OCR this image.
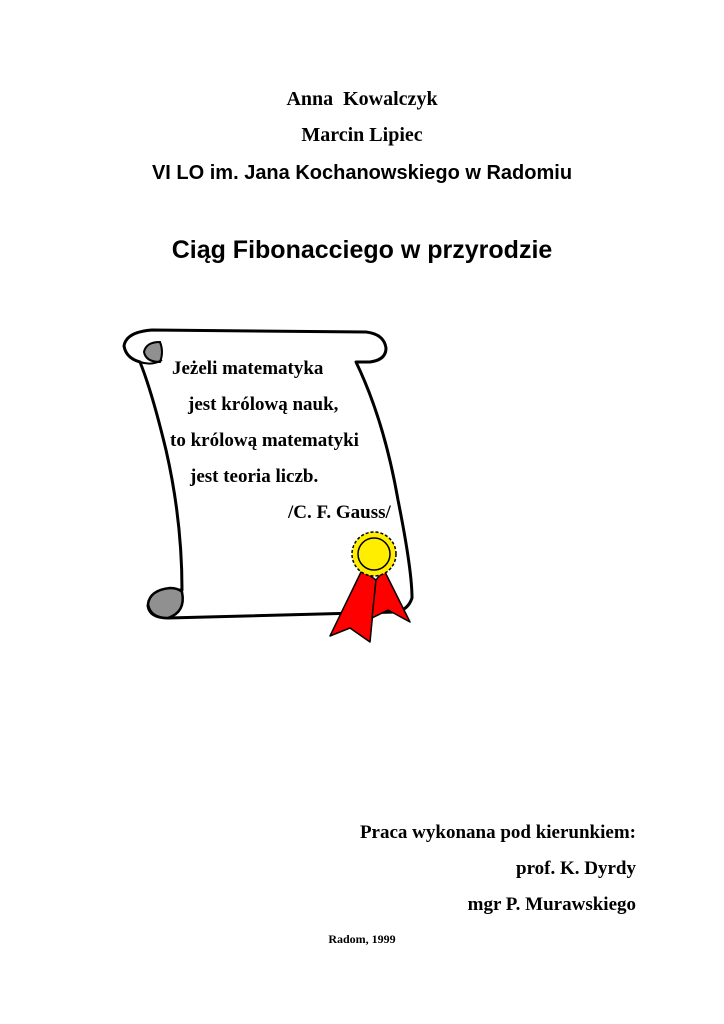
Anna  Kowalczyk
Marcin Lipiec
VI LO im. Jana Kochanowskiego w Radomiu
Ciąg Fibonacciego w przyrodzie
Jeżeli matematyka
jest królową nauk,
to królową matematyki
jest teoria liczb.
/C. F. Gauss/
Praca wykonana pod kierunkiem:
prof. K. Dyrdy
mgr P. Murawskiego
Radom, 1999
